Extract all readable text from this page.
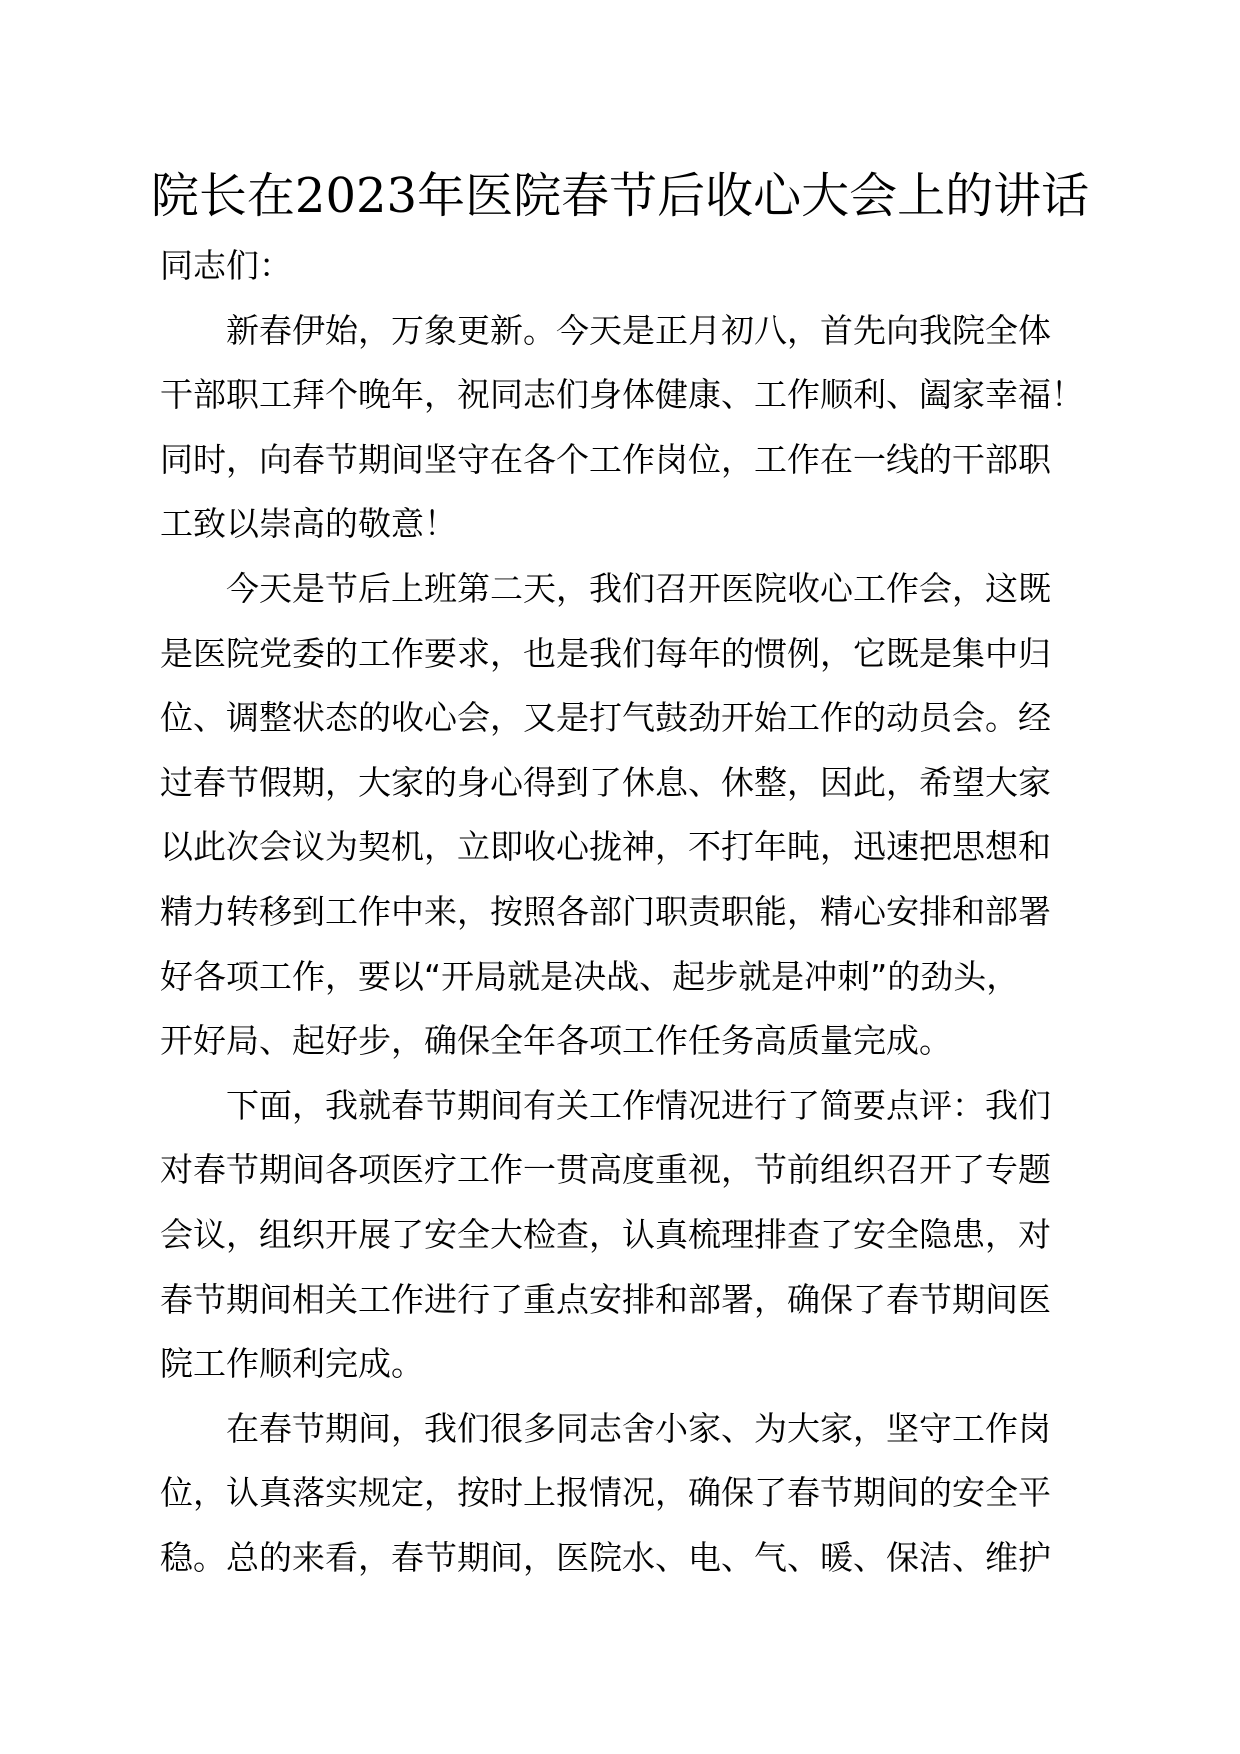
院长在2023年医院春节后收心大会上的讲话
同志们：
新春伊始，万象更新。今天是正月初八，首先向我院全体
干部职工拜个晚年，祝同志们身体健康、工作顺利、阖家幸福！
同时，向春节期间坚守在各个工作岗位，工作在一线的干部职
工致以崇高的敬意！
今天是节后上班第二天，我们召开医院收心工作会，这既
是医院党委的工作要求，也是我们每年的惯例，它既是集中归
位、调整状态的收心会，又是打气鼓劲开始工作的动员会。经
过春节假期，大家的身心得到了休息、休整，因此，希望大家
以此次会议为契机，立即收心拢神，不打年盹，迅速把思想和
精力转移到工作中来，按照各部门职责职能，精心安排和部署
好各项工作，要以“开局就是决战、起步就是冲刺”的劲头，
开好局、起好步，确保全年各项工作任务高质量完成。
下面，我就春节期间有关工作情况进行了简要点评：我们
对春节期间各项医疗工作一贯高度重视，节前组织召开了专题
会议，组织开展了安全大检查，认真梳理排查了安全隐患，对
春节期间相关工作进行了重点安排和部署，确保了春节期间医
院工作顺利完成。
在春节期间，我们很多同志舍小家、为大家，坚守工作岗
位，认真落实规定，按时上报情况，确保了春节期间的安全平
稳。总的来看，春节期间，医院水、电、气、暖、保洁、维护
